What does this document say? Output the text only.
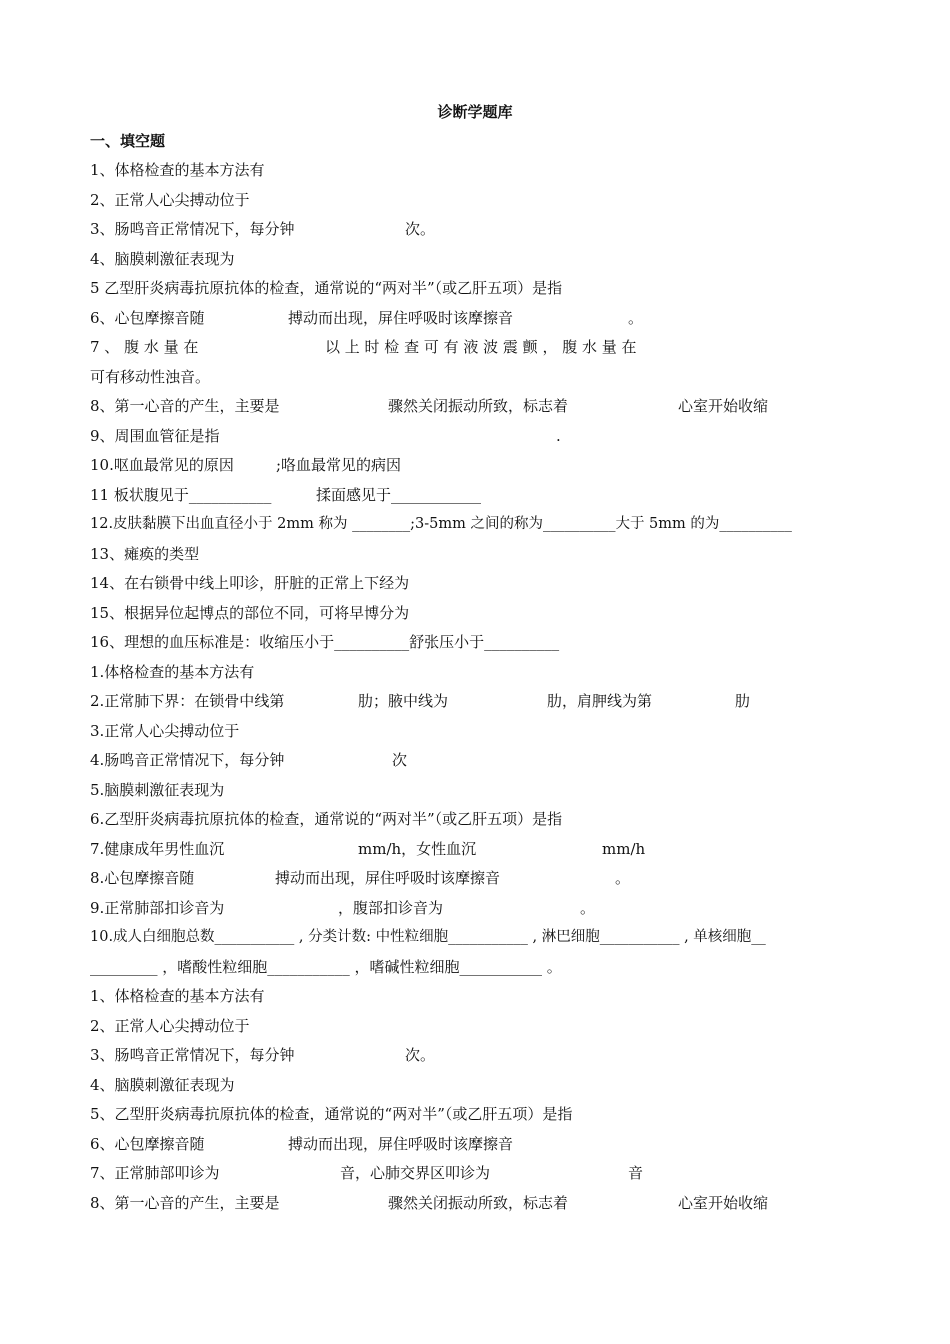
诊断学题库
一、填空题
1、体格检查的基本方法有
2、正常人心尖搏动位于

3、肠鸣音正常情况下，每分钟

	次。

4、脑膜刺激征表现为
5 乙型肝炎病毒抗原抗体的检查，通常说的“两对半”（或乙肝五项）是指

6、心包摩擦音随

	搏动而出现，屏住呼吸时该摩擦音

	。

7 、 腹 水 量 在

	以 上 时 检 查 可 有 液 波 震 颤 ， 腹 水 量 在

可有移动性浊音。

8、第一心音的产生，主要是

	骤然关闭振动所致，标志着

	心室开始收缩

9、周围血管征是指

	.

10.呕血最常见的原因

	;咯血最常见的病因

11 板状腹见于___________

	揉面感见于____________

12.皮肤黏膜下出血直径小于 2mm 称为 ________;3-5mm 之间的称为__________大于 5mm 的为__________
13、瘫痪的类型
14、在右锁骨中线上叩诊，肝脏的正常上下经为
15、根据异位起博点的部位不同，可将早博分为
16、理想的血压标准是：收缩压小于__________舒张压小于__________
1.体格检查的基本方法有

2.正常肺下界：在锁骨中线第

	肋；腋中线为

	肋，肩胛线为第

	肋

3.正常人心尖搏动位于

4.肠鸣音正常情况下，每分钟

	次

5.脑膜刺激征表现为
6.乙型肝炎病毒抗原抗体的检查，通常说的“两对半”（或乙肝五项）是指

7.健康成年男性血沉

	mm/h，女性血沉

	mm/h

8.心包摩擦音随

	搏动而出现，屏住呼吸时该摩擦音

	。

9.正常肺部扣诊音为

	，腹部扣诊音为

	。

10.成人白细胞总数___________ , 分类计数: 中性粒细胞___________ , 淋巴细胞___________ , 单核细胞__
_________ ，嗜酸性粒细胞___________ ，嗜碱性粒细胞___________ 。
1、体格检查的基本方法有
2、正常人心尖搏动位于

3、肠鸣音正常情况下，每分钟

	次。

4、脑膜刺激征表现为
5、乙型肝炎病毒抗原抗体的检查，通常说的“两对半”（或乙肝五项）是指

6、心包摩擦音随

	搏动而出现，屏住呼吸时该摩擦音

7、正常肺部叩诊为

	音，心肺交界区叩诊为

	音

8、第一心音的产生，主要是

	骤然关闭振动所致，标志着

	心室开始收缩
